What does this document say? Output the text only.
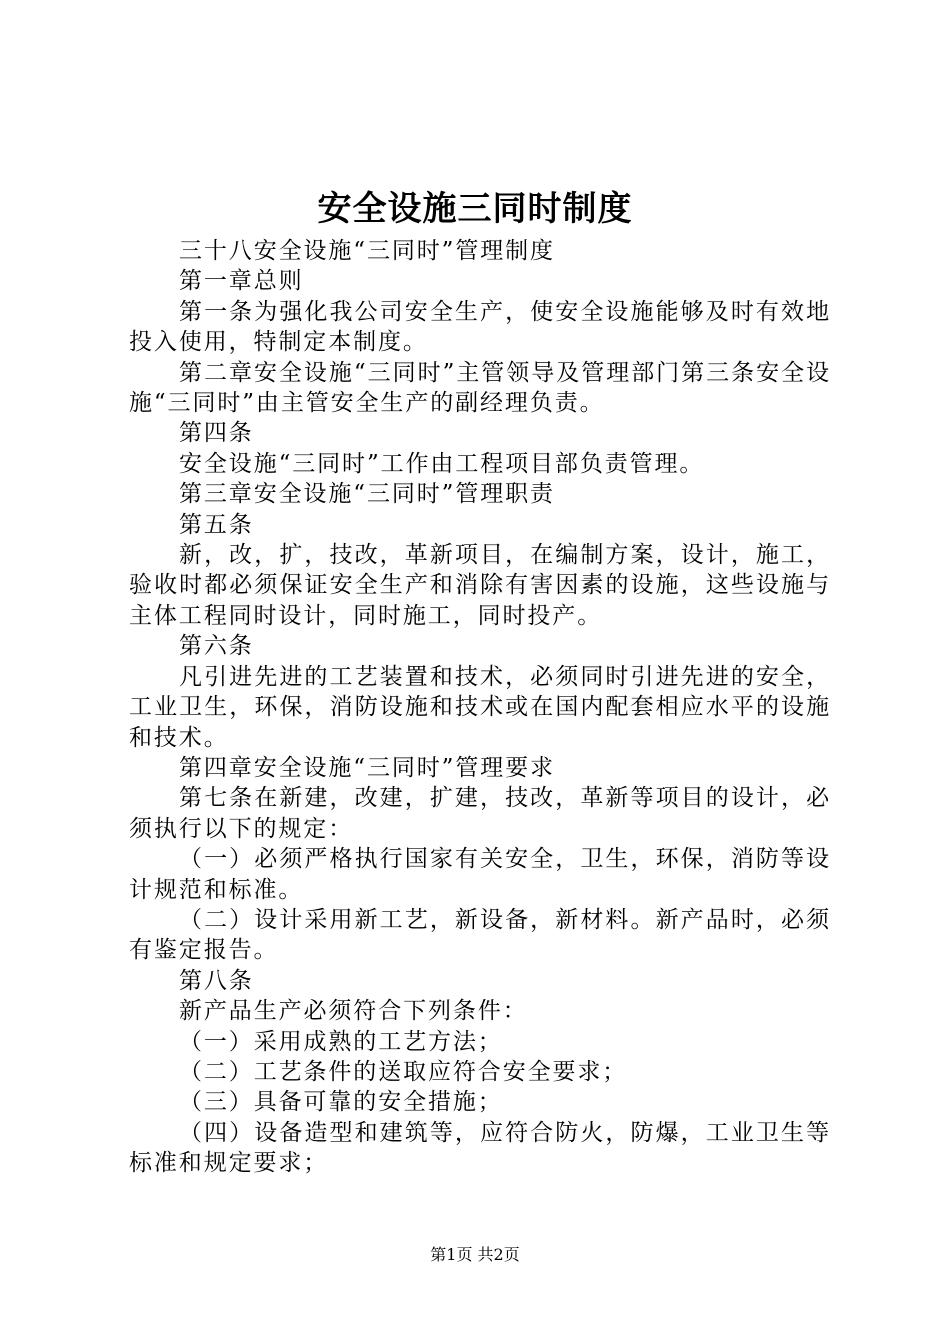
安全设施三同时制度

三十八安全设施“三同时”管理制度

第一章总则

第一条为强化我公司安全生产，使安全设施能够及时有效地投入使用，特制定本制度。

第二章安全设施“三同时”主管领导及管理部门第三条安全设施“三同时”由主管安全生产的副经理负责。

第四条

安全设施“三同时”工作由工程项目部负责管理。

第三章安全设施“三同时”管理职责

第五条

新，改，扩，技改，革新项目，在编制方案，设计，施工，验收时都必须保证安全生产和消除有害因素的设施，这些设施与主体工程同时设计，同时施工，同时投产。

第六条

凡引进先进的工艺装置和技术，必须同时引进先进的安全，工业卫生，环保，消防设施和技术或在国内配套相应水平的设施和技术。

第四章安全设施“三同时”管理要求

第七条在新建，改建，扩建，技改，革新等项目的设计，必须执行以下的规定：

（一）必须严格执行国家有关安全，卫生，环保，消防等设计规范和标准。

（二）设计采用新工艺，新设备，新材料。新产品时，必须有鉴定报告。

第八条

新产品生产必须符合下列条件：

（一）采用成熟的工艺方法；

（二）工艺条件的送取应符合安全要求；

（三）具备可靠的安全措施；

（四）设备造型和建筑等，应符合防火，防爆，工业卫生等标准和规定要求；

第1页 共2页
